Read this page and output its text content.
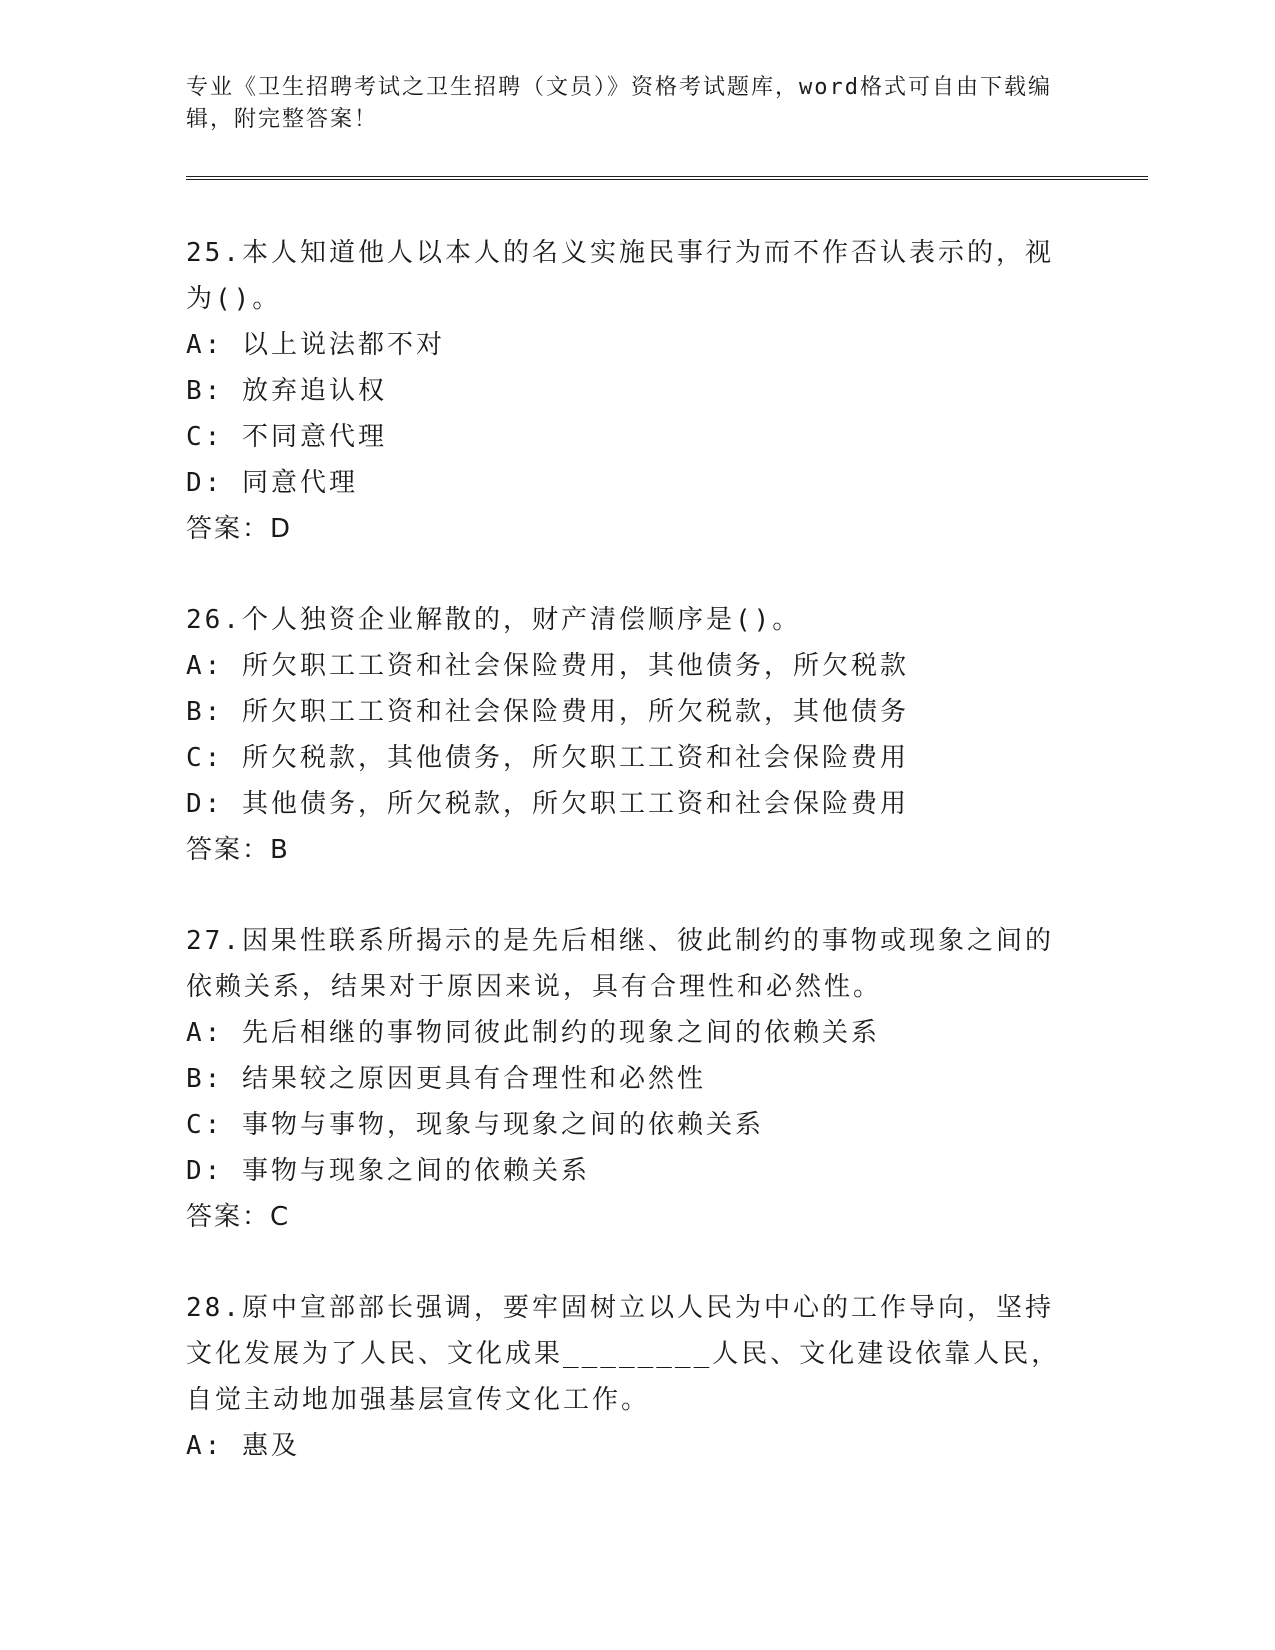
专业《卫生招聘考试之卫生招聘（文员）》资格考试题库，word格式可自由下载编辑，附完整答案！
25.本人知道他人以本人的名义实施民事行为而不作否认表示的，视为()。
A: 以上说法都不对
B: 放弃追认权
C: 不同意代理
D: 同意代理
答案：D
26.个人独资企业解散的，财产清偿顺序是()。
A: 所欠职工工资和社会保险费用，其他债务，所欠税款
B: 所欠职工工资和社会保险费用，所欠税款，其他债务
C: 所欠税款，其他债务，所欠职工工资和社会保险费用
D: 其他债务，所欠税款，所欠职工工资和社会保险费用
答案：B
27.因果性联系所揭示的是先后相继、彼此制约的事物或现象之间的依赖关系，结果对于原因来说，具有合理性和必然性。
A: 先后相继的事物同彼此制约的现象之间的依赖关系
B: 结果较之原因更具有合理性和必然性
C: 事物与事物，现象与现象之间的依赖关系
D: 事物与现象之间的依赖关系
答案：C
28.原中宣部部长强调，要牢固树立以人民为中心的工作导向，坚持文化发展为了人民、文化成果________人民、文化建设依靠人民，自觉主动地加强基层宣传文化工作。
A: 惠及
